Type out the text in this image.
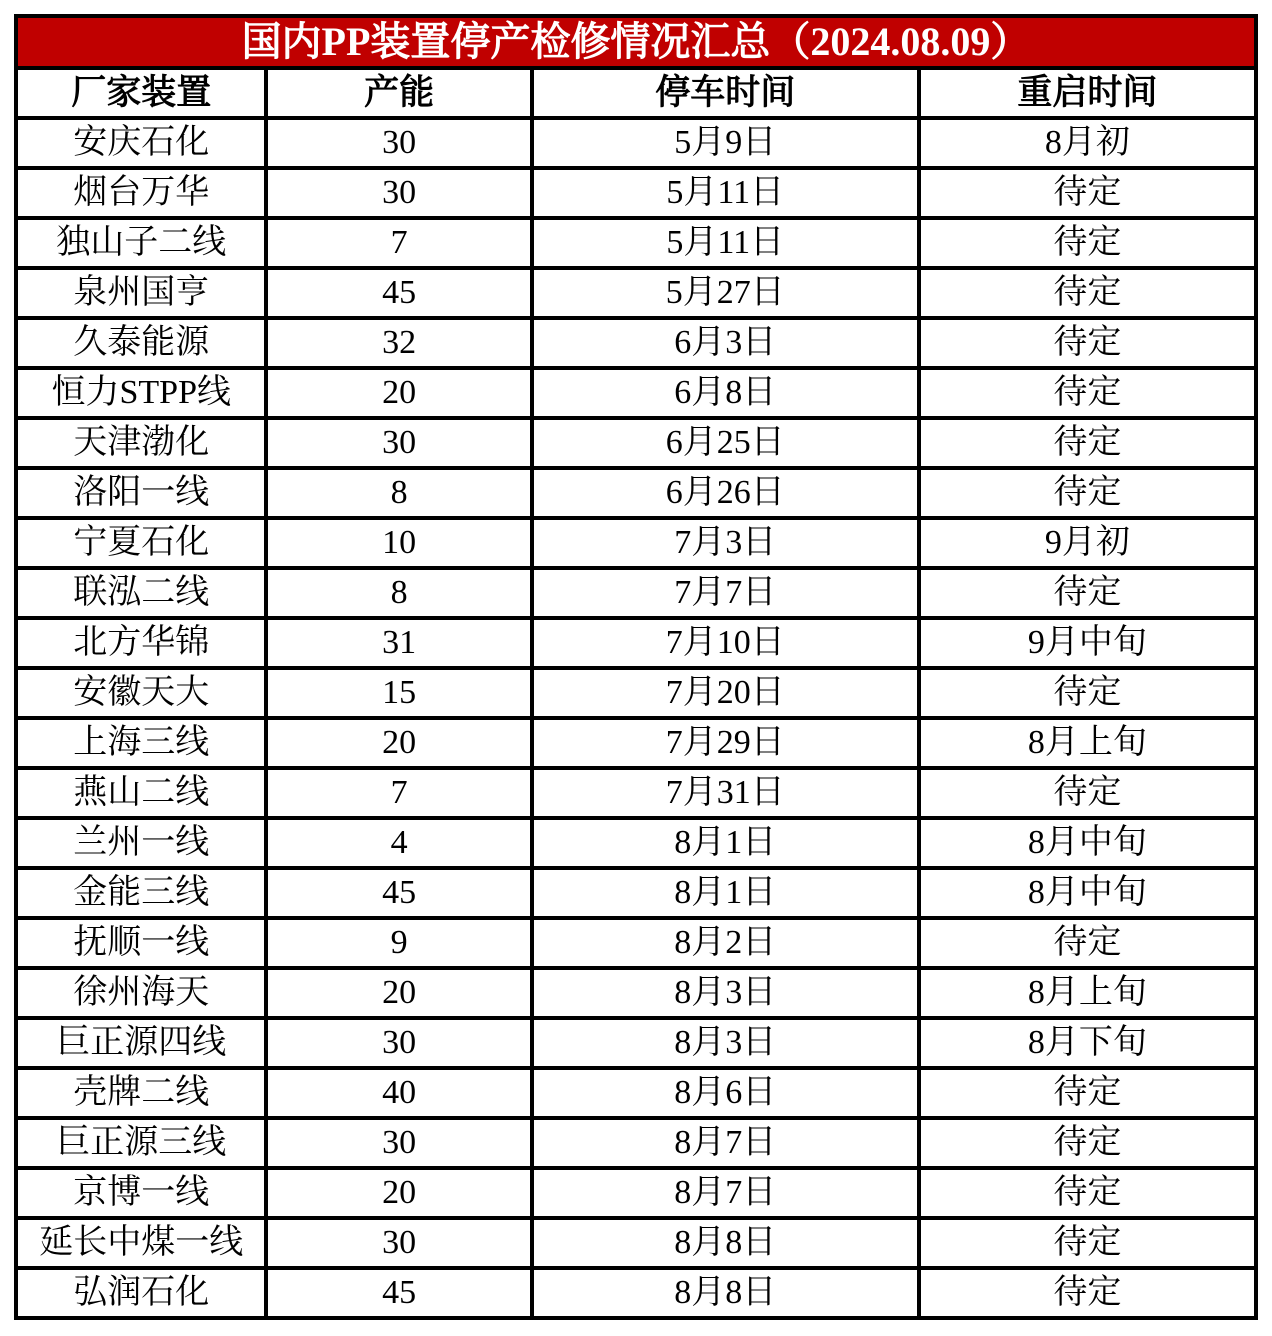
国内PP装置停产检修情况汇总（2024.08.09）			
厂家装置	产能	停车时间	重启时间
安庆石化	30	5月9日	8月初
烟台万华	30	5月11日	待定
独山子二线	7	5月11日	待定
泉州国亨	45	5月27日	待定
久泰能源	32	6月3日	待定
恒力STPP线	20	6月8日	待定
天津渤化	30	6月25日	待定
洛阳一线	8	6月26日	待定
宁夏石化	10	7月3日	9月初
联泓二线	8	7月7日	待定
北方华锦	31	7月10日	9月中旬
安徽天大	15	7月20日	待定
上海三线	20	7月29日	8月上旬
燕山二线	7	7月31日	待定
兰州一线	4	8月1日	8月中旬
金能三线	45	8月1日	8月中旬
抚顺一线	9	8月2日	待定
徐州海天	20	8月3日	8月上旬
巨正源四线	30	8月3日	8月下旬
壳牌二线	40	8月6日	待定
巨正源三线	30	8月7日	待定
京博一线	20	8月7日	待定
延长中煤一线	30	8月8日	待定
弘润石化	45	8月8日	待定
